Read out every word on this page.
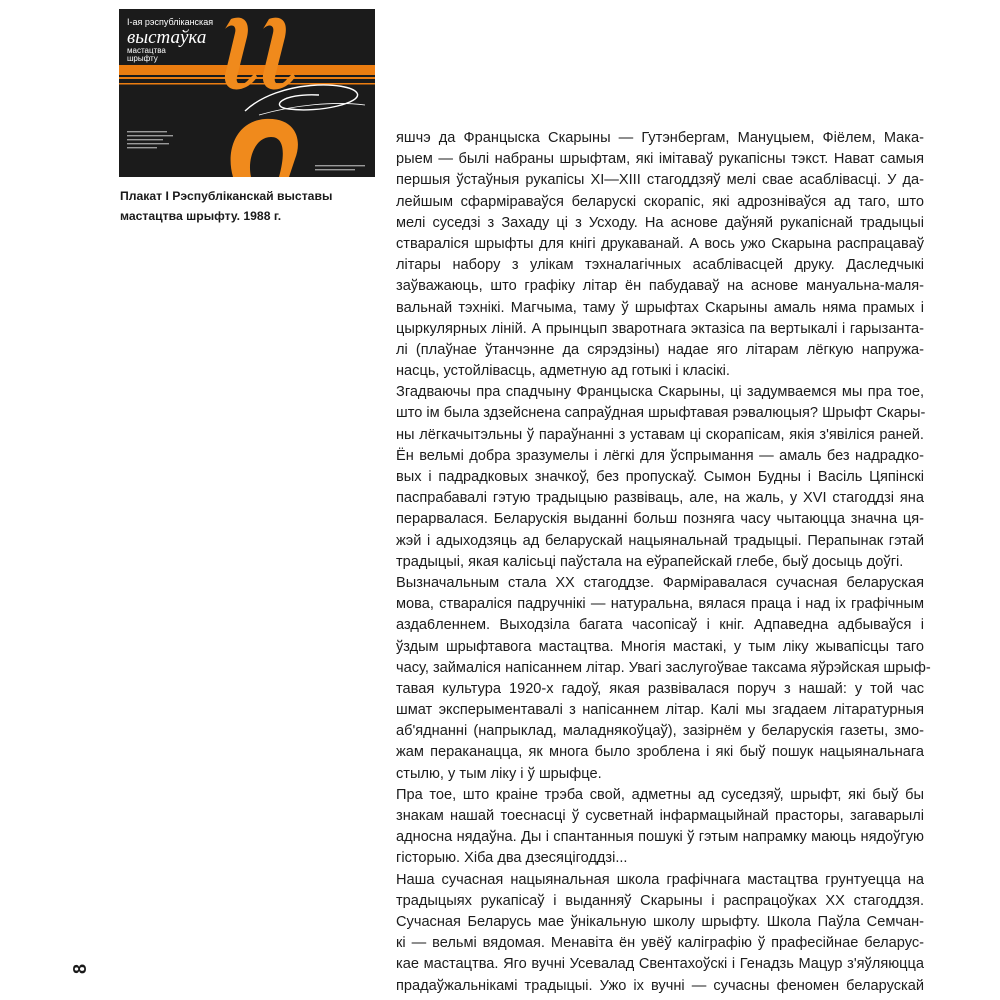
I-ая рэспубліканская
выстаўка
мастацтва
шрыфту

Плакат I Рэспубліканскай выставы
мастацтва шрыфту. 1988 г.

яшчэ да Францыска Скарыны — Гутэнбергам, Мануцыем, Фіёлем, Мака-
рыем — былі набраны шрыфтам, які імітаваў рукапісны тэкст. Нават самыя
першыя ўстаўныя рукапісы XI—XIII стагоддзяў мелі свае асаблівасці. У да-
лейшым сфарміраваўся беларускі скорапіс, які адрозніваўся ад таго, што
мелі суседзі з Захаду ці з Усходу. На аснове даўняй рукапіснай традыцыі
ствараліся шрыфты для кнігі друкаванай. А вось ужо Скарына распрацаваў
літары набору з улікам тэхналагічных асаблівасцей друку. Даследчыкі
заўважаюць, што графіку літар ён пабудаваў на аснове мануальна-маля-
вальнай тэхнікі. Магчыма, таму ў шрыфтах Скарыны амаль няма прамых і
цыркулярных ліній. А прынцып зваротнага эктазіса па вертыкалі і гарызанта-
лі (плаўнае ўтанчэнне да сярэдзіны) надае яго літарам лёгкую напружа-
насць, устойлівасць, адметную ад готыкі і класікі.
Згадваючы пра спадчыну Францыска Скарыны, ці задумваемся мы пра тое,
што ім была здзейснена сапраўдная шрыфтавая рэвалюцыя? Шрыфт Скары-
ны лёгкачытэльны ў параўнанні з уставам ці скорапісам, якія з'явіліся раней.
Ён вельмі добра зразумелы і лёгкі для ўспрымання — амаль без надрадко-
вых і падрадковых значкоў, без пропускаў. Сымон Будны і Васіль Цяпінскі
паспрабавалі гэтую традыцыю развіваць, але, на жаль, у XVI стагоддзі яна
перарвалася. Беларускія выданні больш позняга часу чытаюцца значна ця-
жэй і адыходзяць ад беларускай нацыянальнай традыцыі. Перапынак гэтай
традыцыі, якая калісьці паўстала на еўрапейскай глебе, быў досыць доўгі.
Вызначальным стала XX стагоддзе. Фарміравалася сучасная беларуская
мова, ствараліся падручнікі — натуральна, вялася праца і над іх графічным
азда6леннем. Выходзіла багата часопісаў і кніг. Адпаведна адбываўся і
ўздым шрыфтавога мастацтва. Многія мастакі, у тым ліку жывапісцы таго
часу, займаліся напісаннем літар. Увагі заслугоўвае таксама яўрэйская шрыф-
тавая культура 1920-х гадоў, якая развівалася поруч з нашай: у той час
шмат эксперыментавалі з напісаннем літар. Калі мы згадаем літаратурныя
аб'яднанні (напрыклад, маладнякоўцаў), зазірнём у беларускія газеты, змо-
жам пераканацца, як многа было зроблена і які быў пошук нацыянальнага
стылю, у тым ліку і ў шрыфце.
Пра тое, што краіне трэба свой, адметны ад суседзяў, шрыфт, які быў бы
знакам нашай тоеснасці ў сусветнай інфармацыйнай прасторы, загаварылі
адносна нядаўна. Ды і спантанныя пошукі ў гэтым напрамку маюць нядоўгую
гісторыю. Хіба два дзесяцігоддзі...
Наша сучасная нацыянальная школа графічнага мастацтва грунтуецца на
традыцыях рукапісаў і выданняў Скарыны і распрацоўках XX стагоддзя.
Сучасная Беларусь мае ўнікальную школу шрыфту. Школа Паўла Семчан-
кі — вельмі вядомая. Менавіта ён увёў каліграфію ў прафесійнае беларус-
кае мастацтва. Яго вучні Усевалад Свентахоўскі і Генадзь Мацур з'яўляюцца
прадаўжальнікамі традыцыі. Ужо іх вучні — сучасны феномен беларускай
8
